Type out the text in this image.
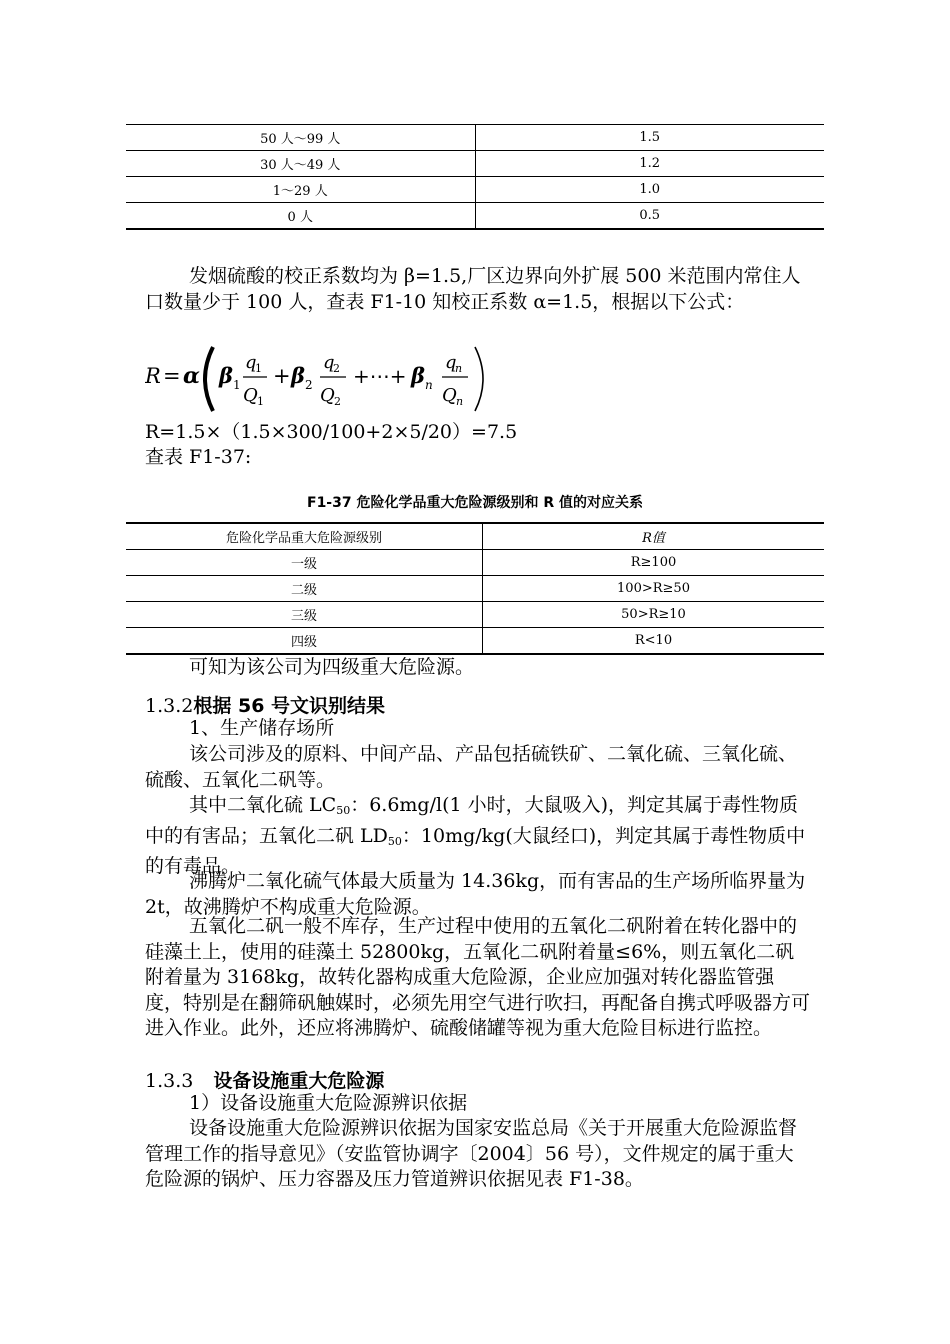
50 人～99 人	1.5
30 人～49 人	1.2
1～29 人	1.0
0 人	0.5
发烟硫酸的校正系数均为 β=1.5,厂区边界向外扩展 500 米范围内常住人口数量少于 100 人，查表 F1-10 知校正系数 α=1.5，根据以下公式：
R = α β 1
q
1
Q 1
+ β 2
q
2
Q 2
+⋯+ β n
q
n
Q n
R=1.5×（1.5×300/100+2×5/20）=7.5
查表 F1-37:
F1-37 危险化学品重大危险源级别和 R 值的对应关系
危险化学品重大危险源级别	R值
一级	R≥100
二级	100>R≥50
三级	50>R≥10
四级	R<10
可知为该公司为四级重大危险源。
1.3.2根据 56 号文识别结果
1、生产储存场所
该公司涉及的原料、中间产品、产品包括硫铁矿、二氧化硫、三氧化硫、硫酸、五氧化二矾等。
其中二氧化硫 $LC_{50}$：6.6mg/l(1 小时，大鼠吸入)，判定其属于毒性物质中的有害品；五氧化二矾 $LD_{50}$：10mg/kg(大鼠经口)，判定其属于毒性物质中的有毒品。
沸腾炉二氧化硫气体最大质量为 14.36kg，而有害品的生产场所临界量为 2t，故沸腾炉不构成重大危险源。
五氧化二矾一般不库存，生产过程中使用的五氧化二矾附着在转化器中的硅藻土上，使用的硅藻土 52800kg，五氧化二矾附着量≤6%，则五氧化二矾附着量为 3168kg，故转化器构成重大危险源，企业应加强对转化器监管强度，特别是在翻筛矾触媒时，必须先用空气进行吹扫，再配备自携式呼吸器方可进入作业。此外，还应将沸腾炉、硫酸储罐等视为重大危险目标进行监控。
1.3.3 设备设施重大危险源
1）设备设施重大危险源辨识依据
设备设施重大危险源辨识依据为国家安监总局《关于开展重大危险源监督管理工作的指导意见》（安监管协调字〔2004〕56 号），文件规定的属于重大危险源的锅炉、压力容器及压力管道辨识依据见表 F1-38。
